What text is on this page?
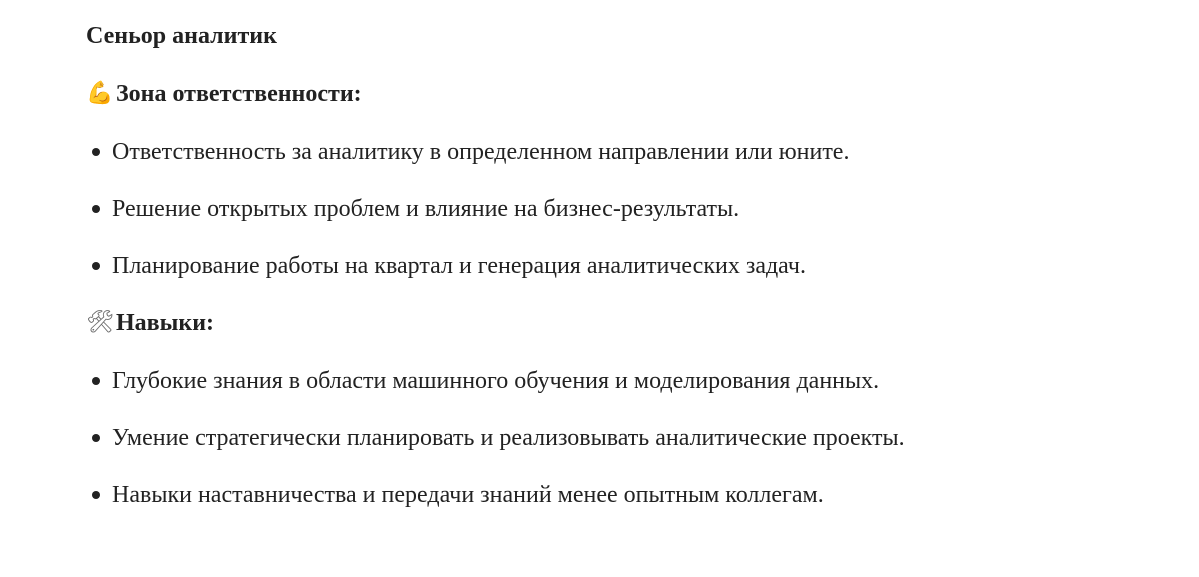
Сеньор аналитик
💪 Зона ответственности:
Ответственность за аналитику в определенном направлении или юните.
Решение открытых проблем и влияние на бизнес-результаты.
Планирование работы на квартал и генерация аналитических задач.
🛠 Навыки:
Глубокие знания в области машинного обучения и моделирования данных.
Умение стратегически планировать и реализовывать аналитические проекты.
Навыки наставничества и передачи знаний менее опытным коллегам.
